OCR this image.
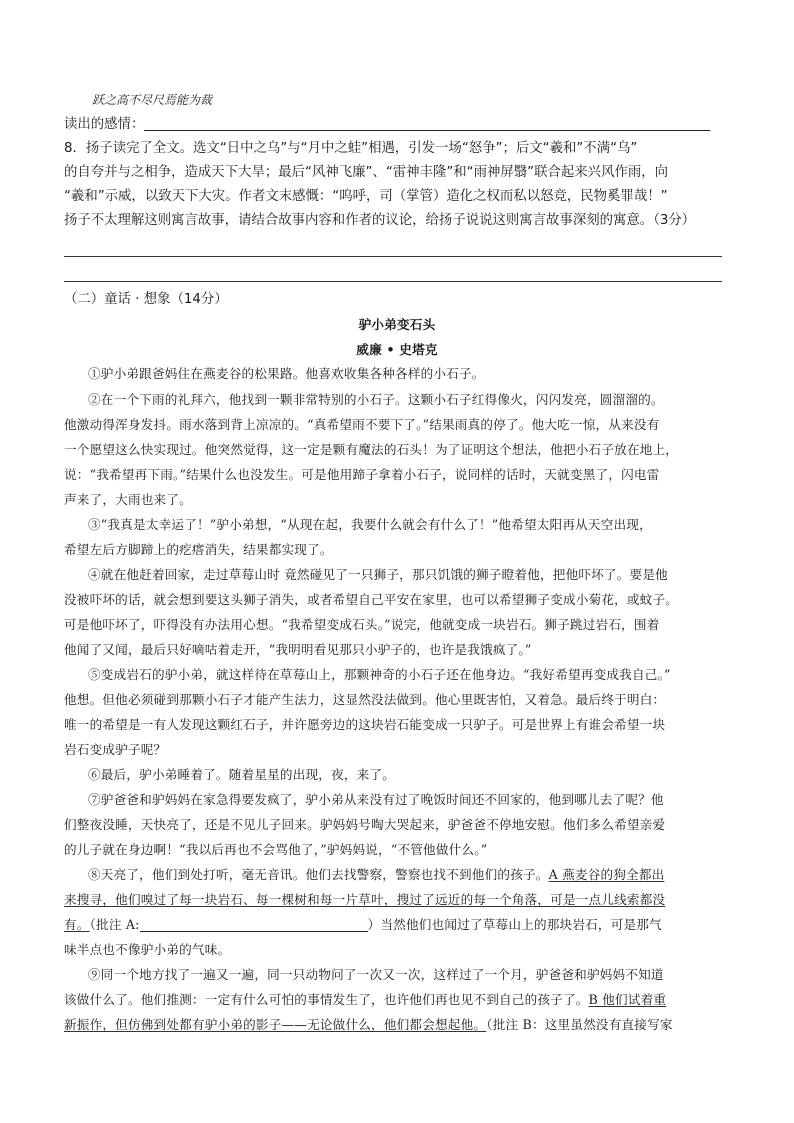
跃之高不尽尺焉能为裁
读出的感情：
8．扬子读完了全文。选文“日中之乌”与“月中之蛙”相遇，引发一场“怒争”；后文“羲和”不满“乌”
的自夸并与之相争，造成天下大旱；最后“风神飞廉”、“雷神丰隆”和“雨神屏翳”联合起来兴风作雨，向
“羲和”示威，以致天下大灾。作者文末感慨：“呜呼，司（掌管）造化之权而私以怒竞，民物奚罪哉！”
扬子不太理解这则寓言故事，请结合故事内容和作者的议论，给扬子说说这则寓言故事深刻的寓意。（3分）
（二）童话 · 想象（14分）
驴小弟变石头
威廉 • 史塔克
①驴小弟跟爸妈住在燕麦谷的松果路。他喜欢收集各种各样的小石子。
②在一个下雨的礼拜六，他找到一颗非常特别的小石子。这颗小石子红得像火，闪闪发亮，圆溜溜的。
他激动得浑身发抖。雨水落到背上凉凉的。“真希望雨不要下了。”结果雨真的停了。他大吃一惊，从来没有
一个愿望这么快实现过。他突然觉得，这一定是颗有魔法的石头！为了证明这个想法，他把小石子放在地上，
说：“我希望再下雨。”结果什么也没发生。可是他用蹄子拿着小石子，说同样的话时，天就变黑了，闪电雷
声来了，大雨也来了。
③“我真是太幸运了！”驴小弟想，“从现在起，我要什么就会有什么了！”他希望太阳再从天空出现，
希望左后方脚蹄上的疙瘩消失，结果都实现了。
④就在他赶着回家，走过草莓山时 竟然碰见了一只狮子，那只饥饿的狮子瞪着他，把他吓坏了。要是他
没被吓坏的话，就会想到要这头狮子消失，或者希望自己平安在家里，也可以希望狮子变成小菊花，或蚊子。
可是他吓坏了，吓得没有办法用心想。“我希望变成石头。”说完，他就变成一块岩石。狮子跳过岩石，围着
他闻了又闻，最后只好嘀咕着走开，“我明明看见那只小驴子的，也许是我饿疯了。”
⑤变成岩石的驴小弟，就这样待在草莓山上，那颗神奇的小石子还在他身边。“我好希望再变成我自己。”
他想。但他必须碰到那颗小石子才能产生法力，这显然没法做到。他心里既害怕，又着急。最后终于明白：
唯一的希望是一有人发现这颗红石子，并许愿旁边的这块岩石能变成一只驴子。可是世界上有谁会希望一块
岩石变成驴子呢？
⑥最后，驴小弟睡着了。随着星星的出现，夜，来了。
⑦驴爸爸和驴妈妈在家急得要发疯了，驴小弟从来没有过了晚饭时间还不回家的，他到哪儿去了呢？他
们整夜没睡，天快亮了，还是不见儿子回来。驴妈妈号啕大哭起来，驴爸爸不停地安慰。他们多么希望亲爱
的儿子就在身边啊！“我以后再也不会骂他了，”驴妈妈说，“不管他做什么。”
⑧天亮了，他们到处打听，毫无音讯。他们去找警察，警察也找不到他们的孩子。A 燕麦谷的狗全都出
来搜寻，他们嗅过了每一块岩石、每一棵树和每一片草叶，搜过了远近的每一个角落，可是一点儿线索都没
有。（批注 A:	）当然他们也闻过了草莓山上的那块岩石，可是那气
味半点也不像驴小弟的气味。
⑨同一个地方找了一遍又一遍，同一只动物问了一次又一次，这样过了一个月，驴爸爸和驴妈妈不知道
该做什么了。他们推测：一定有什么可怕的事情发生了，也许他们再也见不到自己的孩子了。B 他们试着重
新振作，但仿佛到处都有驴小弟的影子——无论做什么，他们都会想起他。（批注 B：这里虽然没有直接写家
